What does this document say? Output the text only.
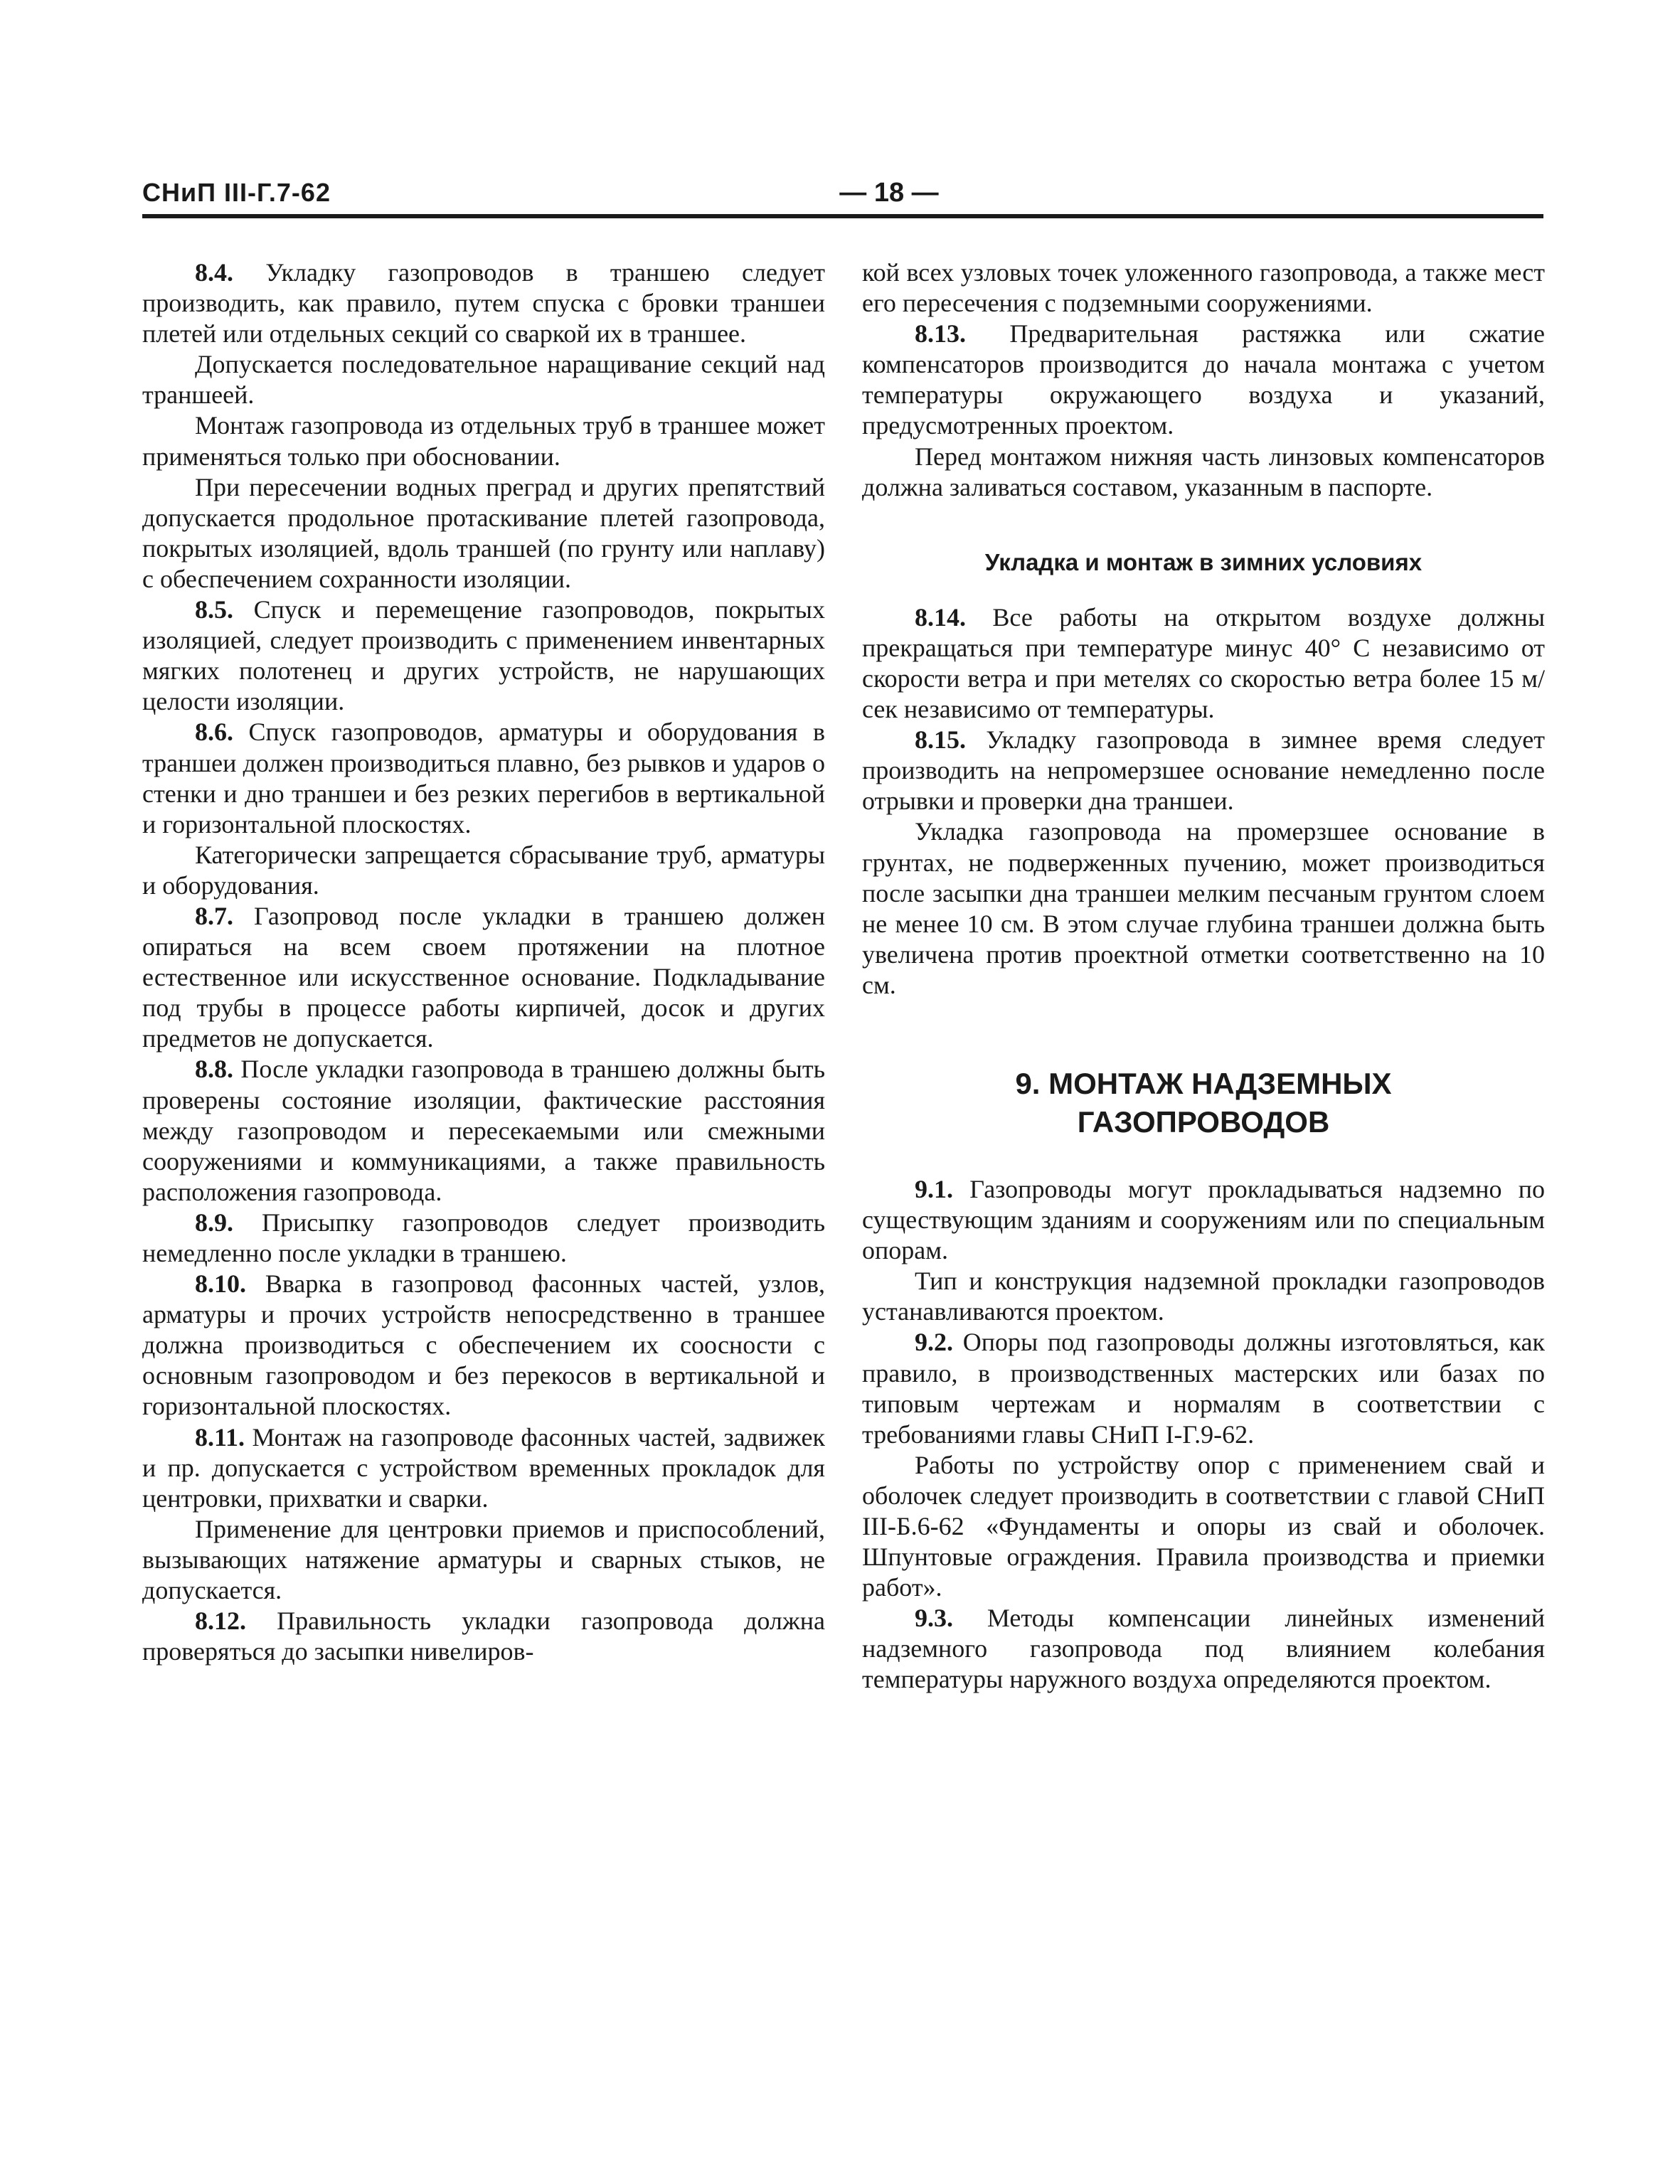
СНиП III-Г.7-62	— 18 —

8.4. Укладку газопроводов в траншею следует производить, как правило, путем спуска с бровки траншеи плетей или отдельных секций со сваркой их в траншее.

Допускается последовательное наращивание секций над траншеей.

Монтаж газопровода из отдельных труб в траншее может применяться только при обосновании.

При пересечении водных преград и других препятствий допускается продольное протаскивание плетей газопровода, покрытых изоляцией, вдоль траншей (по грунту или наплаву) с обеспечением сохранности изоляции.

8.5. Спуск и перемещение газопроводов, покрытых изоляцией, следует производить с применением инвентарных мягких полотенец и других устройств, не нарушающих целости изоляции.

8.6. Спуск газопроводов, арматуры и оборудования в траншеи должен производиться плавно, без рывков и ударов о стенки и дно траншеи и без резких перегибов в вертикальной и горизонтальной плоскостях.

Категорически запрещается сбрасывание труб, арматуры и оборудования.

8.7. Газопровод после укладки в траншею должен опираться на всем своем протяжении на плотное естественное или искусственное основание. Подкладывание под трубы в процессе работы кирпичей, досок и других предметов не допускается.

8.8. После укладки газопровода в траншею должны быть проверены состояние изоляции, фактические расстояния между газопроводом и пересекаемыми или смежными сооружениями и коммуникациями, а также правильность расположения газопровода.

8.9. Присыпку газопроводов следует производить немедленно после укладки в траншею.

8.10. Вварка в газопровод фасонных частей, узлов, арматуры и прочих устройств непосредственно в траншее должна производиться с обеспечением их соосности с основным газопроводом и без перекосов в вертикальной и горизонтальной плоскостях.

8.11. Монтаж на газопроводе фасонных частей, задвижек и пр. допускается с устройством временных прокладок для центровки, прихватки и сварки.

Применение для центровки приемов и приспособлений, вызывающих натяжение арматуры и сварных стыков, не допускается.

8.12. Правильность укладки газопровода должна проверяться до засыпки нивелиров-

кой всех узловых точек уложенного газопровода, а также мест его пересечения с подземными сооружениями.

8.13. Предварительная растяжка или сжатие компенсаторов производится до начала монтажа с учетом температуры окружающего воздуха и указаний, предусмотренных проектом.

Перед монтажом нижняя часть линзовых компенсаторов должна заливаться составом, указанным в паспорте.

Укладка и монтаж в зимних условиях

8.14. Все работы на открытом воздухе должны прекращаться при температуре минус 40° С независимо от скорости ветра и при метелях со скоростью ветра более 15 м/сек независимо от температуры.

8.15. Укладку газопровода в зимнее время следует производить на непромерзшее основание немедленно после отрывки и проверки дна траншеи.

Укладка газопровода на промерзшее основание в грунтах, не подверженных пучению, может производиться после засыпки дна траншеи мелким песчаным грунтом слоем не менее 10 см. В этом случае глубина траншеи должна быть увеличена против проектной отметки соответственно на 10 см.

9. МОНТАЖ НАДЗЕМНЫХ
ГАЗОПРОВОДОВ

9.1. Газопроводы могут прокладываться надземно по существующим зданиям и сооружениям или по специальным опорам.

Тип и конструкция надземной прокладки газопроводов устанавливаются проектом.

9.2. Опоры под газопроводы должны изготовляться, как правило, в производственных мастерских или базах по типовым чертежам и нормалям в соответствии с требованиями главы СНиП I-Г.9-62.

Работы по устройству опор с применением свай и оболочек следует производить в соответствии с главой СНиП III-Б.6-62 «Фундаменты и опоры из свай и оболочек. Шпунтовые ограждения. Правила производства и приемки работ».

9.3. Методы компенсации линейных изменений надземного газопровода под влиянием колебания температуры наружного воздуха определяются проектом.
